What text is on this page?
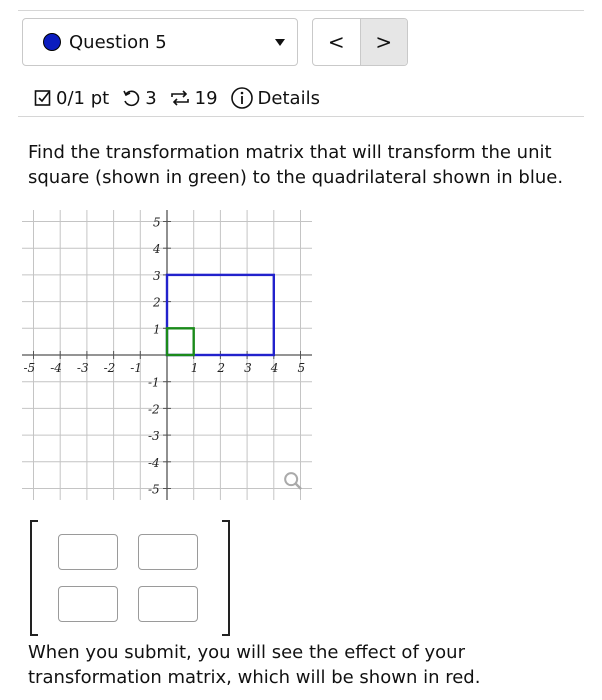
Question 5	<	>
0/1 pt 3 19 Details
Find the transformation matrix that will transform the unit square (shown in green) to the quadrilateral shown in blue.
-5 -4 -3 -2 -1	1 2 3 4 5
5
4
3
2
1
-1
-2
-3
-4
-5
When you submit, you will see the effect of your transformation matrix, which will be shown in red.
